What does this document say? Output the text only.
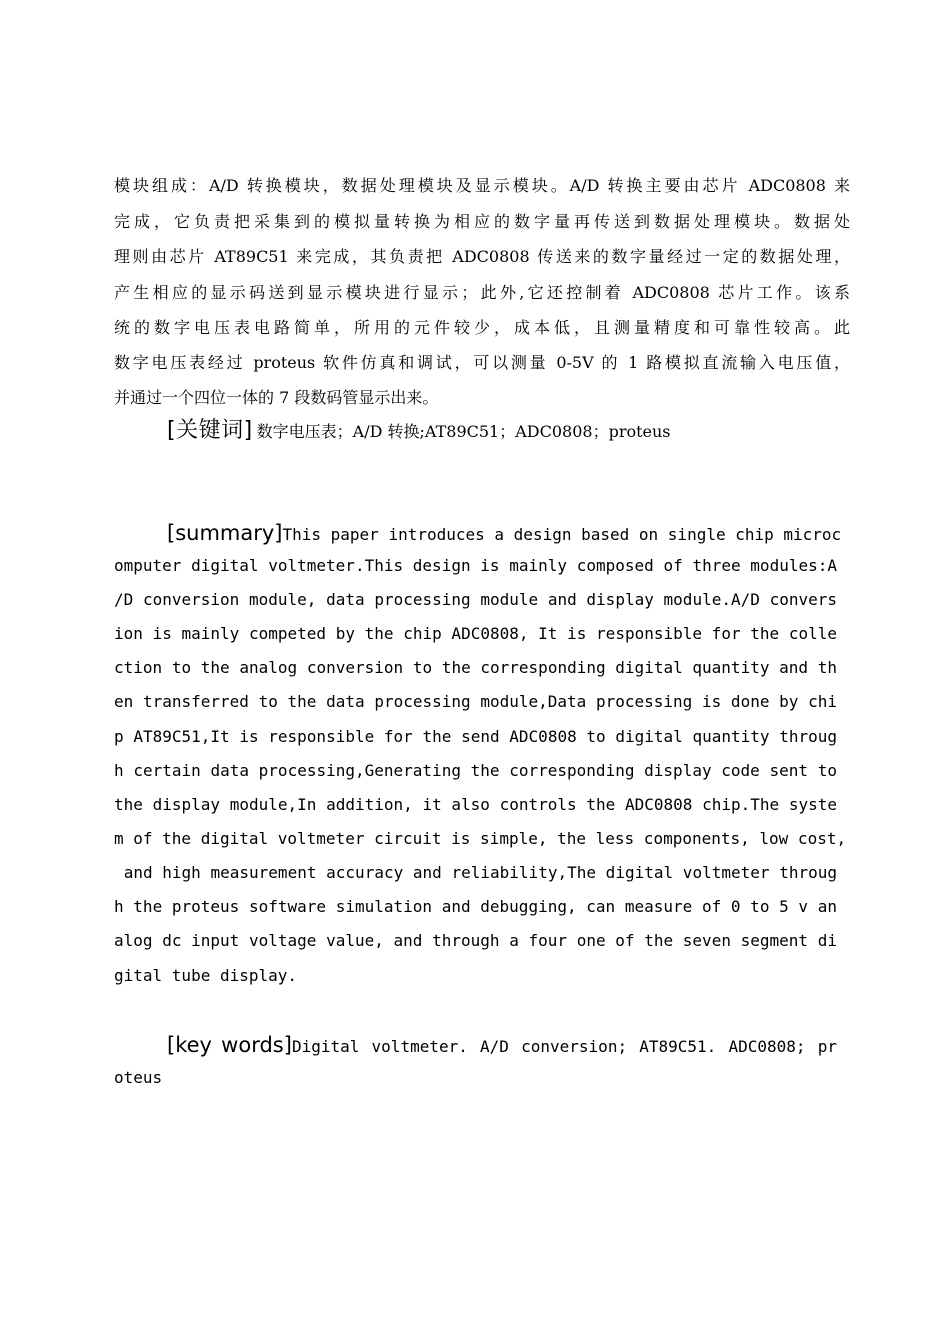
模块组成：A/D 转换模块，数据处理模块及显示模块。A/D 转换主要由芯片 ADC0808 来
完成，它负责把采集到的模拟量转换为相应的数字量再传送到数据处理模块。数据处
理则由芯片 AT89C51 来完成，其负责把 ADC0808 传送来的数字量经过一定的数据处理，
产生相应的显示码送到显示模块进行显示；此外,它还控制着 ADC0808 芯片工作。该系
统的数字电压表电路简单，所用的元件较少，成本低，且测量精度和可靠性较高。此
数字电压表经过 proteus 软件仿真和调试，可以测量 0-5V 的 1 路模拟直流输入电压值，
并通过一个四位一体的 7 段数码管显示出来。
[关键词] 数字电压表；A/D 转换;AT89C51；ADC0808；proteus
[summary]This paper introduces a design based on single chip microc
omputer digital voltmeter.This design is mainly composed of three modules:A
/D conversion module, data processing module and display module.A/D convers
ion is mainly competed by the chip ADC0808, It is responsible for the colle
ction to the analog conversion to the corresponding digital quantity and th
en transferred to the data processing module,Data processing is done by chi
p AT89C51,It is responsible for the send ADC0808 to digital quantity throug
h certain data processing,Generating the corresponding display code sent to
the display module,In addition, it also controls the ADC0808 chip.The syste
m of the digital voltmeter circuit is simple, the less components, low cost,
and high measurement accuracy and reliability,The digital voltmeter throug
h the proteus software simulation and debugging, can measure of 0 to 5 v an
alog dc input voltage value, and through a four one of the seven segment di
gital tube display.
[key words]Digital voltmeter. A/D conversion; AT89C51. ADC0808; pr
oteus
